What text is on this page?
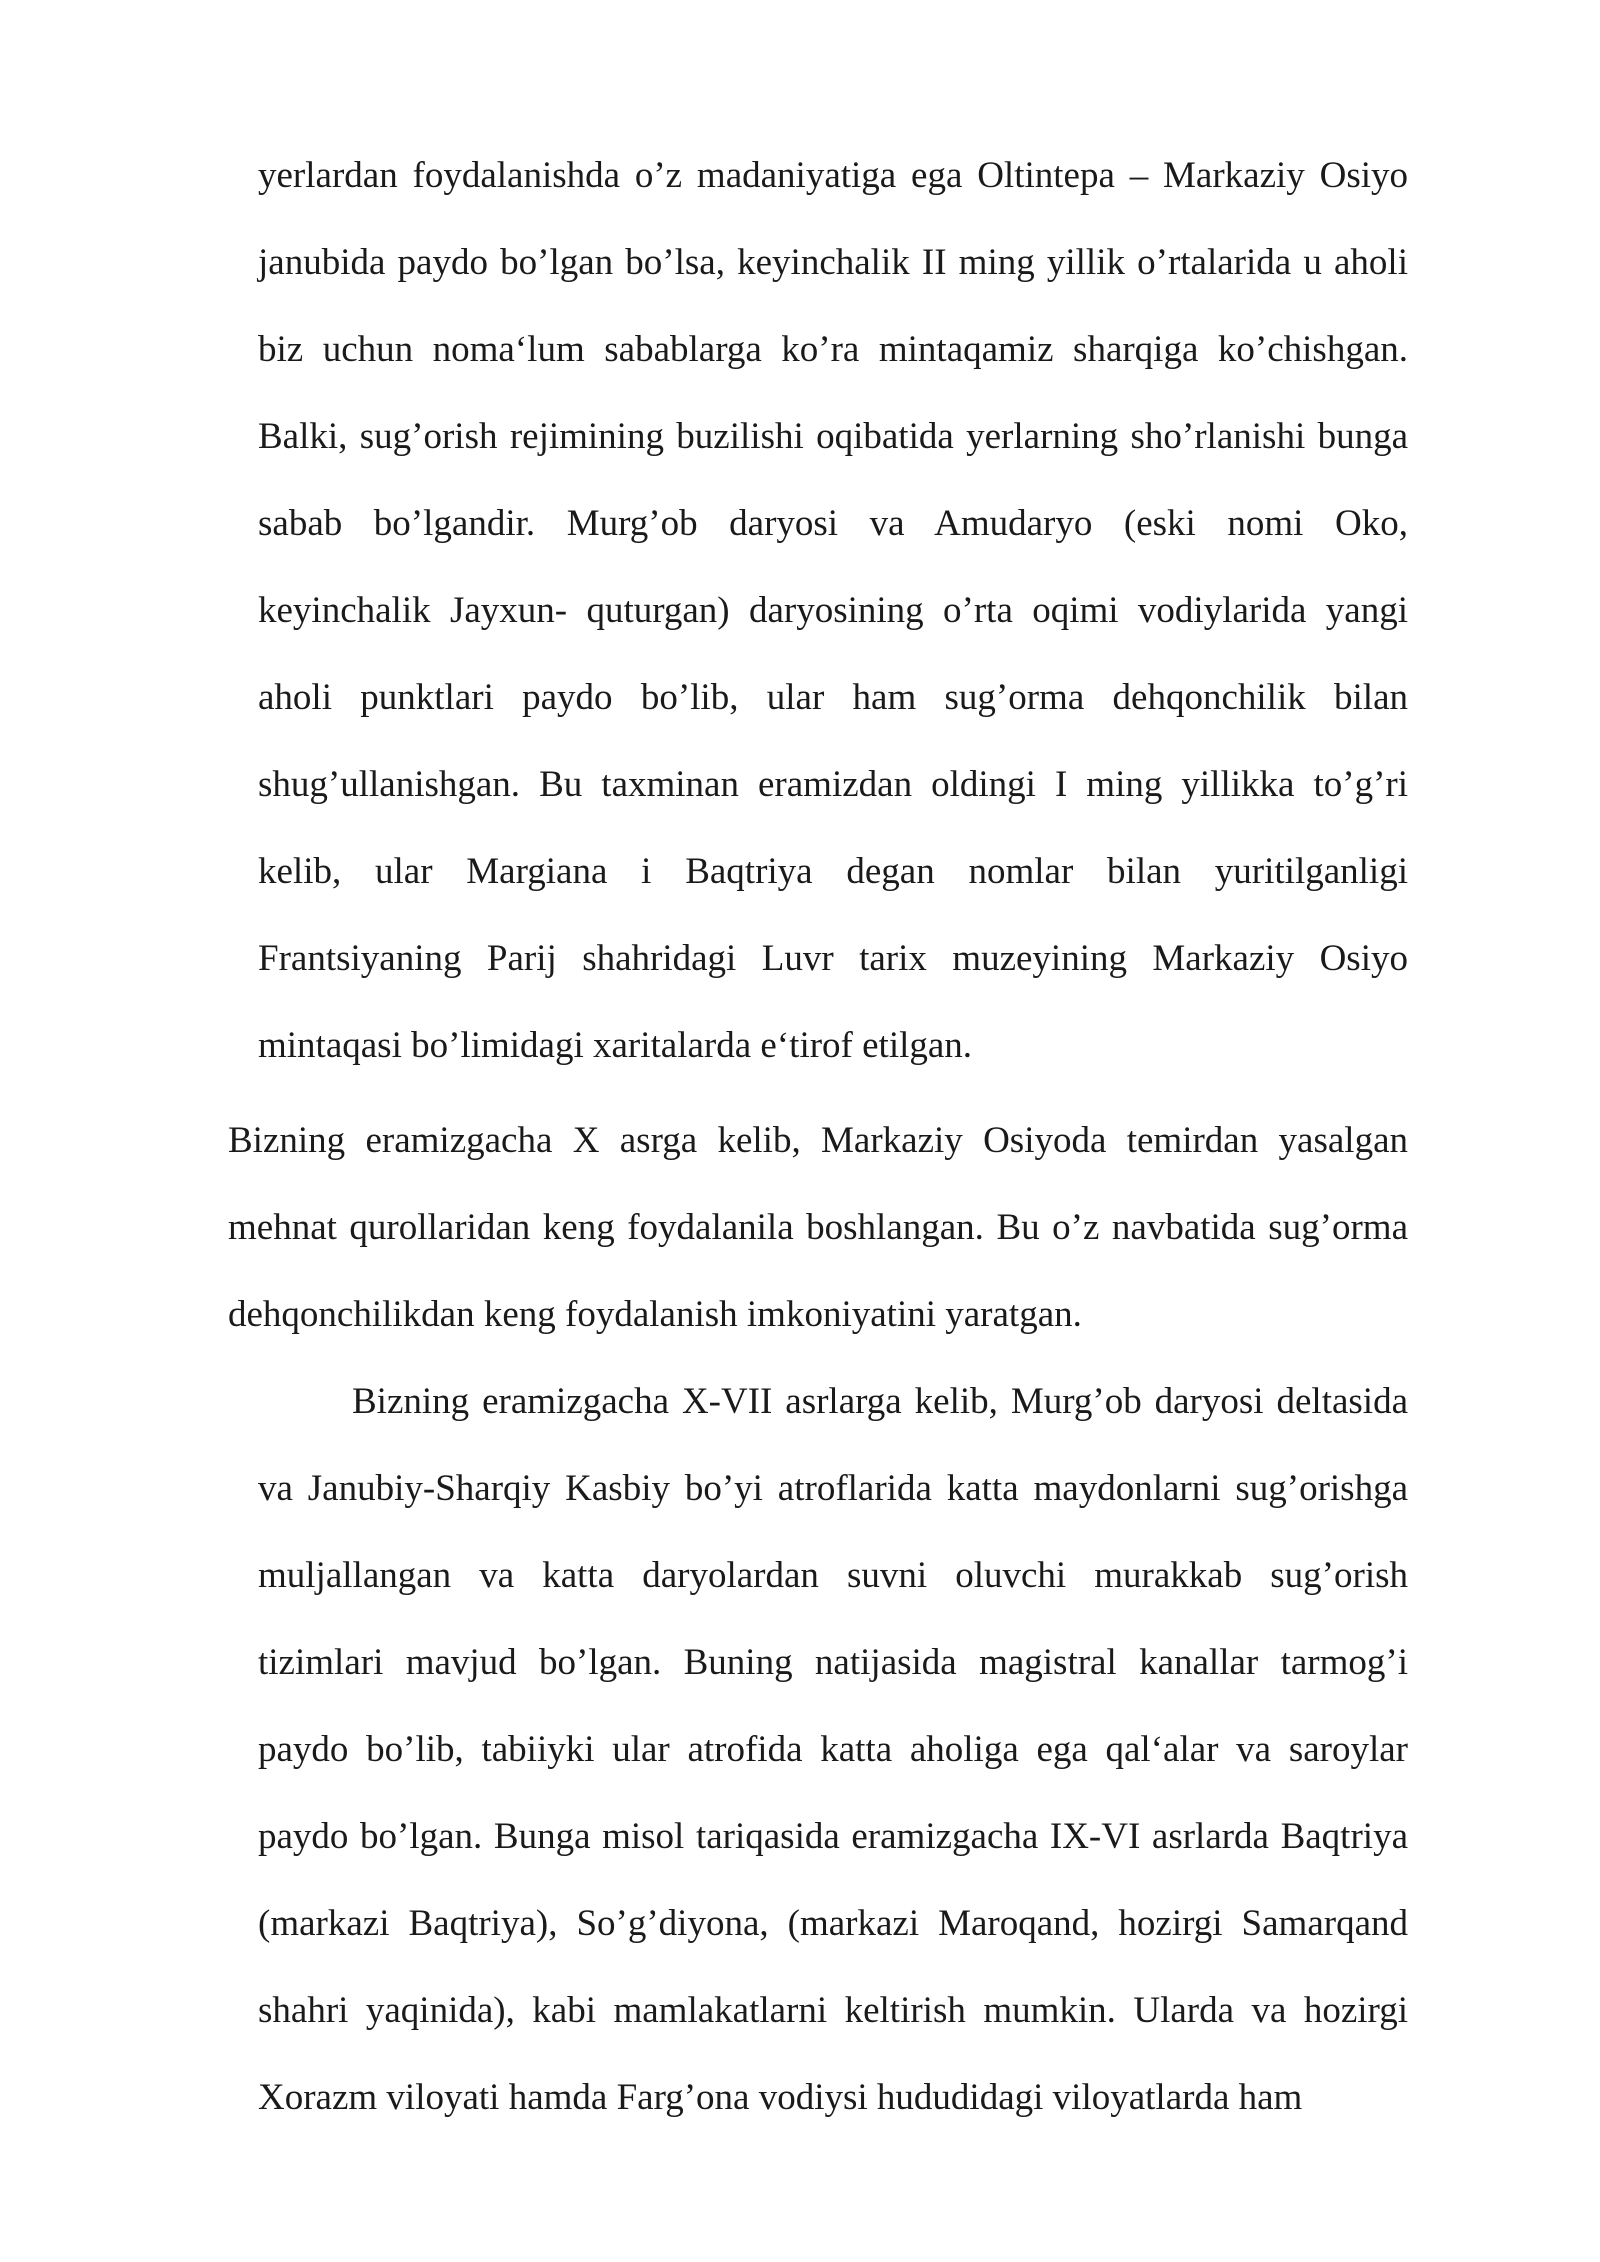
yerlardan foydalanishda o’z madaniyatiga ega Oltintepa – Markaziy Osiyo janubida paydo bo’lgan bo’lsa, keyinchalik II ming yillik o’rtalarida u aholi biz uchun noma‘lum sabablarga ko’ra mintaqamiz sharqiga ko’chishgan. Balki, sug’orish rejimining buzilishi oqibatida yerlarning sho’rlanishi bunga sabab bo’lgandir. Murg’ob daryosi va Amudaryo (eski nomi Oko, keyinchalik Jayxun- quturgan) daryosining o’rta oqimi vodiylarida yangi aholi punktlari paydo bo’lib, ular ham sug’orma dehqonchilik bilan shug’ullanishgan. Bu taxminan eramizdan oldingi I ming yillikka to’g’ri kelib, ular Margiana i Baqtriya degan nomlar bilan yuritilganligi Frantsiyaning Parij shahridagi Luvr tarix muzeyining Markaziy Osiyo mintaqasi bo’limidagi xaritalarda e‘tirof etilgan.

Bizning eramizgacha X asrga kelib, Markaziy Osiyoda temirdan yasalgan mehnat qurollaridan keng foydalanila boshlangan. Bu o’z navbatida sug’orma dehqonchilikdan keng foydalanish imkoniyatini yaratgan.

Bizning eramizgacha X-VII asrlarga kelib, Murg’ob daryosi deltasida va Janubiy-Sharqiy Kasbiy bo’yi atroflarida katta maydonlarni sug’orishga muljallangan va katta daryolardan suvni oluvchi murakkab sug’orish tizimlari mavjud bo’lgan. Buning natijasida magistral kanallar tarmog’i paydo bo’lib, tabiiyki ular atrofida katta aholiga ega qal‘alar va saroylar paydo bo’lgan. Bunga misol tariqasida eramizgacha IX-VI asrlarda Baqtriya (markazi Baqtriya), So’g’diyona, (markazi Maroqand, hozirgi Samarqand shahri yaqinida), kabi mamlakatlarni keltirish mumkin. Ularda va hozirgi Xorazm viloyati hamda Farg’ona vodiysi hududidagi viloyatlarda ham
